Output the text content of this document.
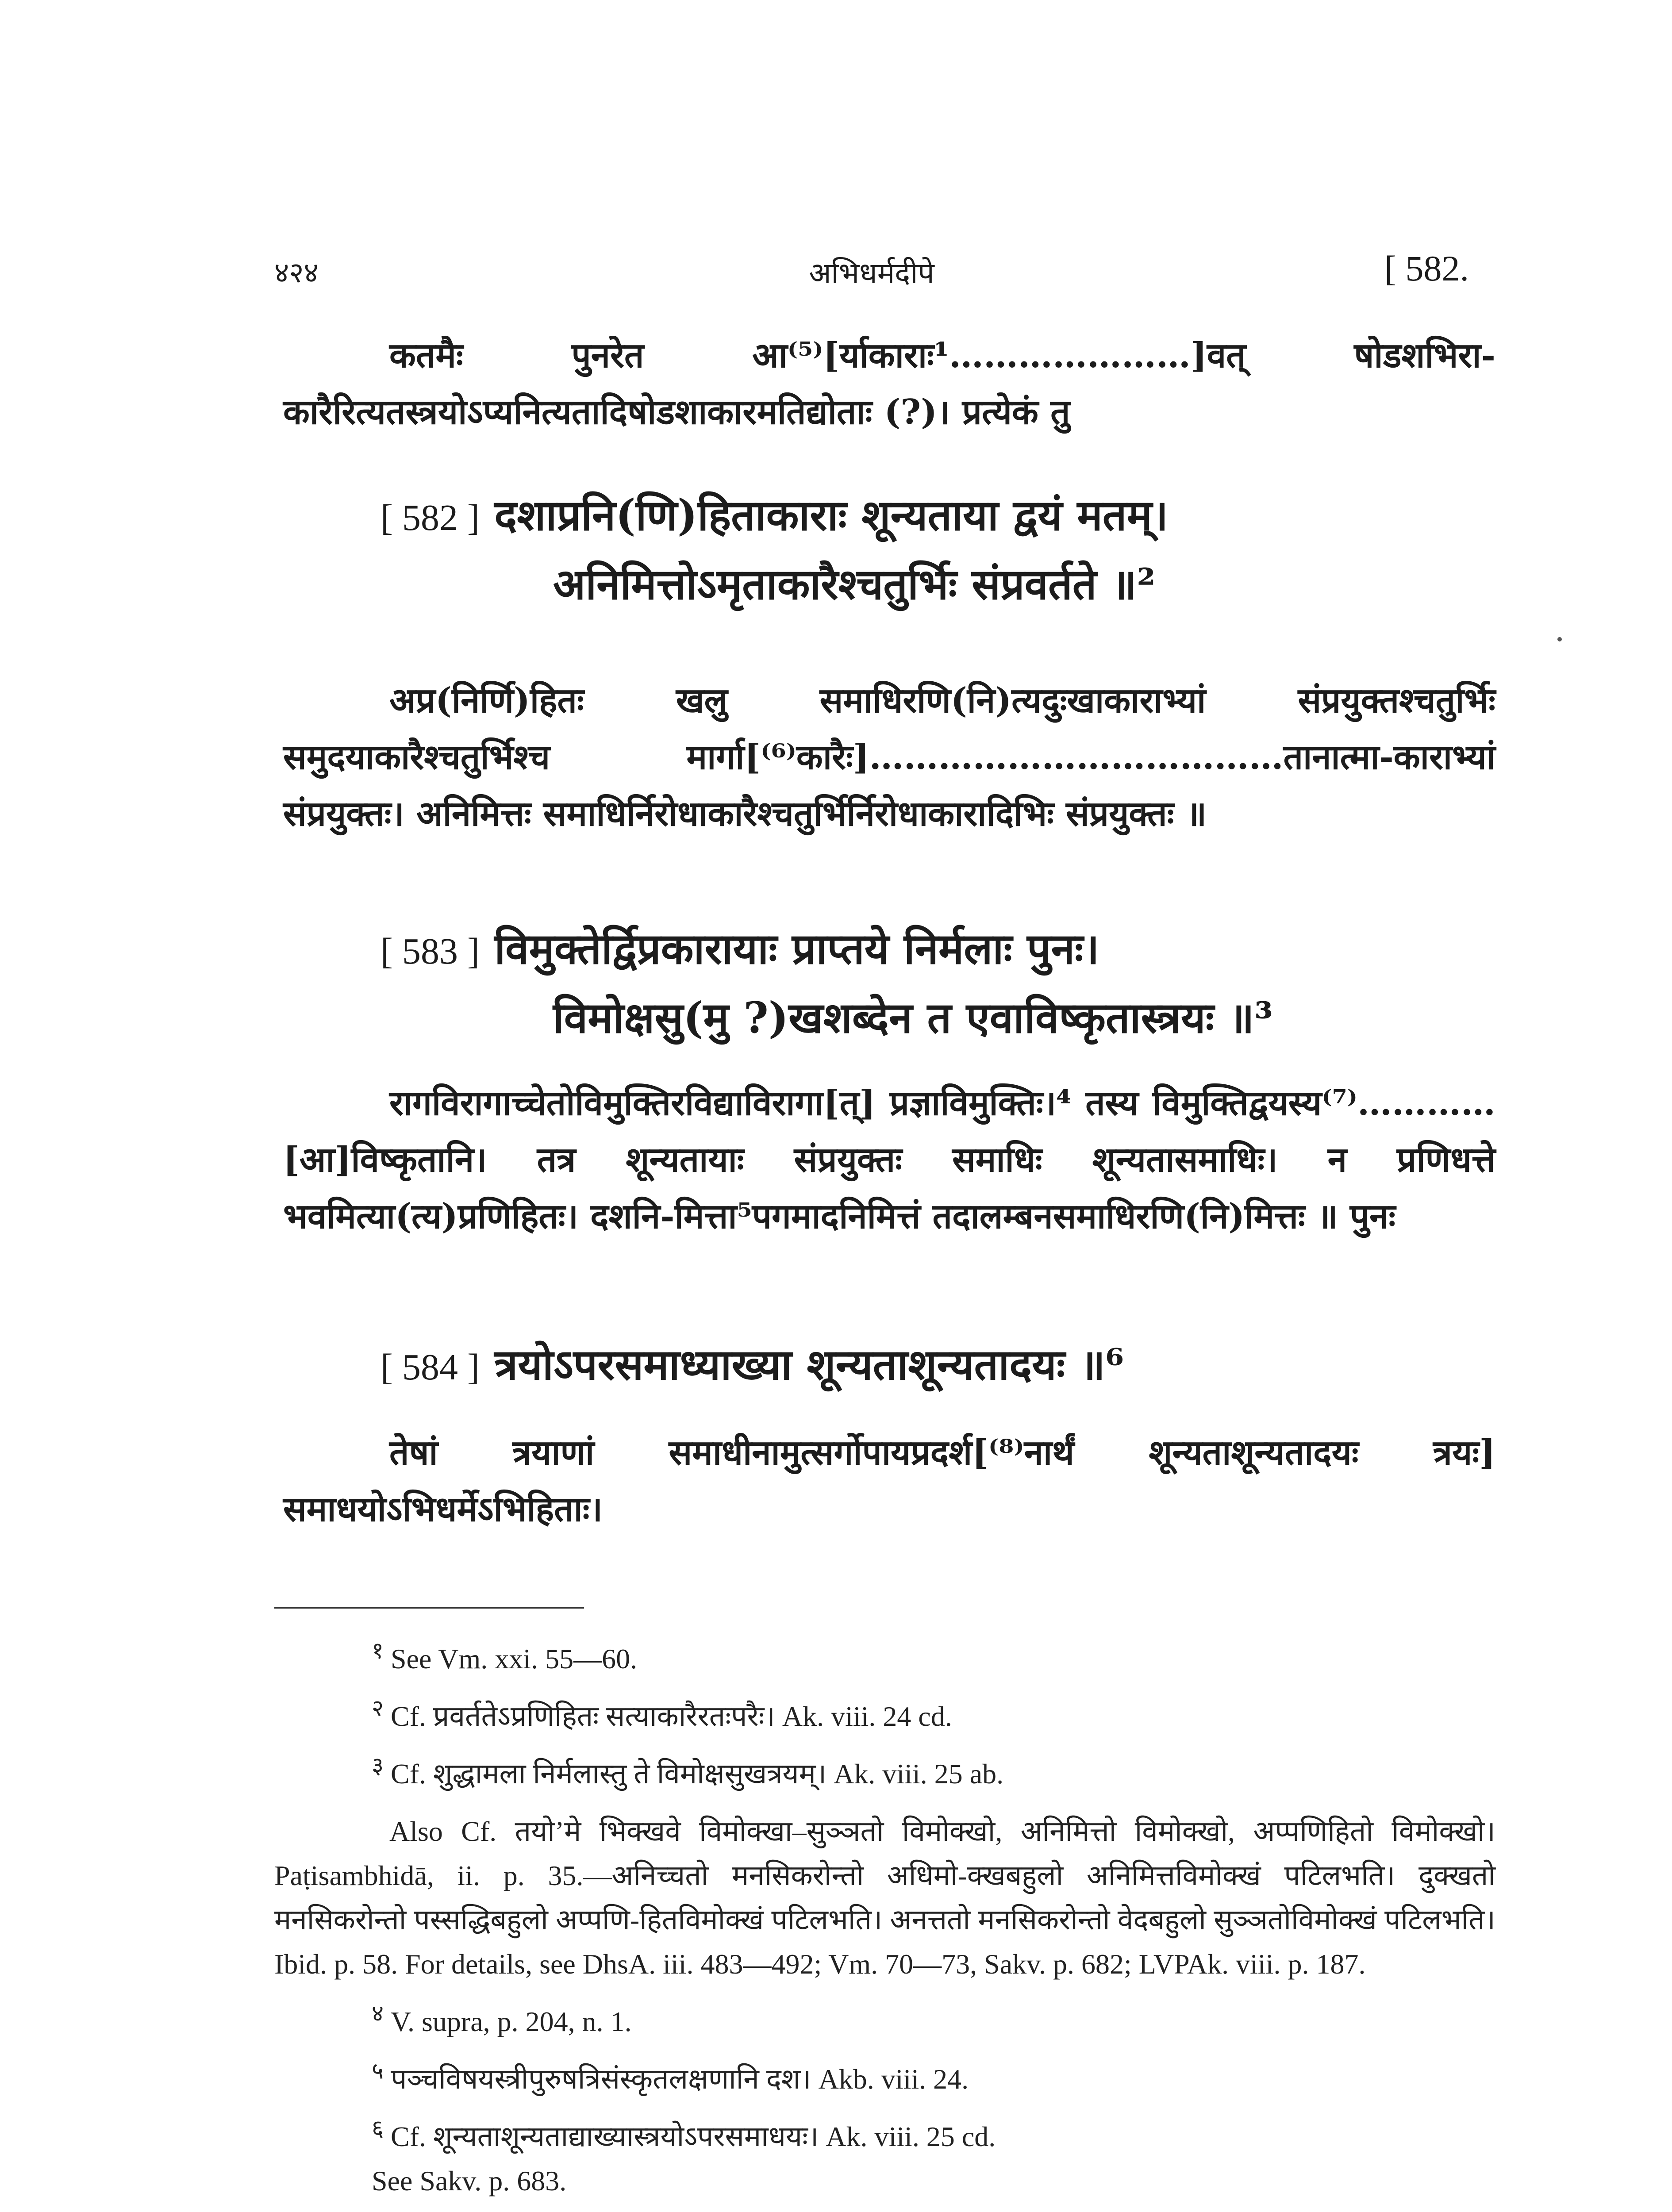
४२४	अभिधर्मदीपे	[ 582.

कतमैः पुनरेत आ⁽⁵⁾[र्याकाराः¹…………………]वत् षोडशभिरा-कारैरित्यतस्त्रयोऽप्यनित्यतादिषोडशाकारमतिद्योताः (?)। प्रत्येकं तु

[ 582 ] दशाप्रनि(णि)हिताकाराः शून्यताया द्वयं मतम्।
अनिमित्तोऽमृताकारैश्चतुर्भिः संप्रवर्तते ॥²

अप्र(निर्णि)हितः खलु समाधिरणि(नि)त्यदुःखाकाराभ्यां संप्रयुक्तश्चतुर्भिः समुदयाकारैश्चतुर्भिश्च मार्गा[⁽⁶⁾कारैः]………………………………तानात्मा-काराभ्यां संप्रयुक्तः। अनिमित्तः समाधिर्निरोधाकारैश्चतुर्भिर्निरोधाकारादिभिः संप्रयुक्तः ॥

[ 583 ] विमुक्तेर्द्विप्रकारायाः प्राप्तये निर्मलाः पुनः।
विमोक्षसु(मु ?)खशब्देन त एवाविष्कृतास्त्रयः ॥³

रागविरागाच्चेतोविमुक्तिरविद्याविरागा[त्] प्रज्ञाविमुक्तिः।⁴ तस्य विमुक्तिद्वयस्य⁽⁷⁾…………[आ]विष्कृतानि। तत्र शून्यतायाः संप्रयुक्तः समाधिः शून्यतासमाधिः। न प्रणिधत्ते भवमित्या(त्य)प्रणिहितः। दशनि-मित्ता⁵पगमादनिमित्तं तदालम्बनसमाधिरणि(नि)मित्तः ॥ पुनः

[ 584 ] त्रयोऽपरसमाध्याख्या शून्यताशून्यतादयः ॥⁶

तेषां त्रयाणां समाधीनामुत्सर्गोपायप्रदर्श[⁽⁸⁾नार्थं शून्यताशून्यतादयः त्रयः] समाधयोऽभिधर्मेऽभिहिताः।

$^१$ See Vm. xxi. 55—60.

$^२$ Cf. प्रवर्ततेऽप्रणिहितः सत्याकारैरतःपरैः। Ak. viii. 24 cd.

$^३$ Cf. शुद्धामला निर्मलास्तु ते विमोक्षसुखत्रयम्। Ak. viii. 25 ab.

Also Cf. तयो’मे भिक्खवे विमोक्खा–सुञ्ञतो विमोक्खो, अनिमित्तो विमोक्खो, अप्पणिहितो विमोक्खो। Paṭisambhidā, ii. p. 35.—अनिच्चतो मनसिकरोन्तो अधिमो-क्खबहुलो अनिमित्तविमोक्खं पटिलभति। दुक्खतो मनसिकरोन्तो पस्सद्धिबहुलो अप्पणि-हितविमोक्खं पटिलभति। अनत्ततो मनसिकरोन्तो वेदबहुलो सुञ्ञतोविमोक्खं पटिलभति। Ibid. p. 58. For details, see DhsA. iii. 483—492; Vm. 70—73, Sakv. p. 682; LVPAk. viii. p. 187.

$^४$ V. supra, p. 204, n. 1.

$^५$ पञ्चविषयस्त्रीपुरुषत्रिसंस्कृतलक्षणानि दश। Akb. viii. 24.

$^६$ Cf. शून्यताशून्यताद्याख्यास्त्रयोऽपरसमाधयः। Ak. viii. 25 cd.

See Sakv. p. 683.
